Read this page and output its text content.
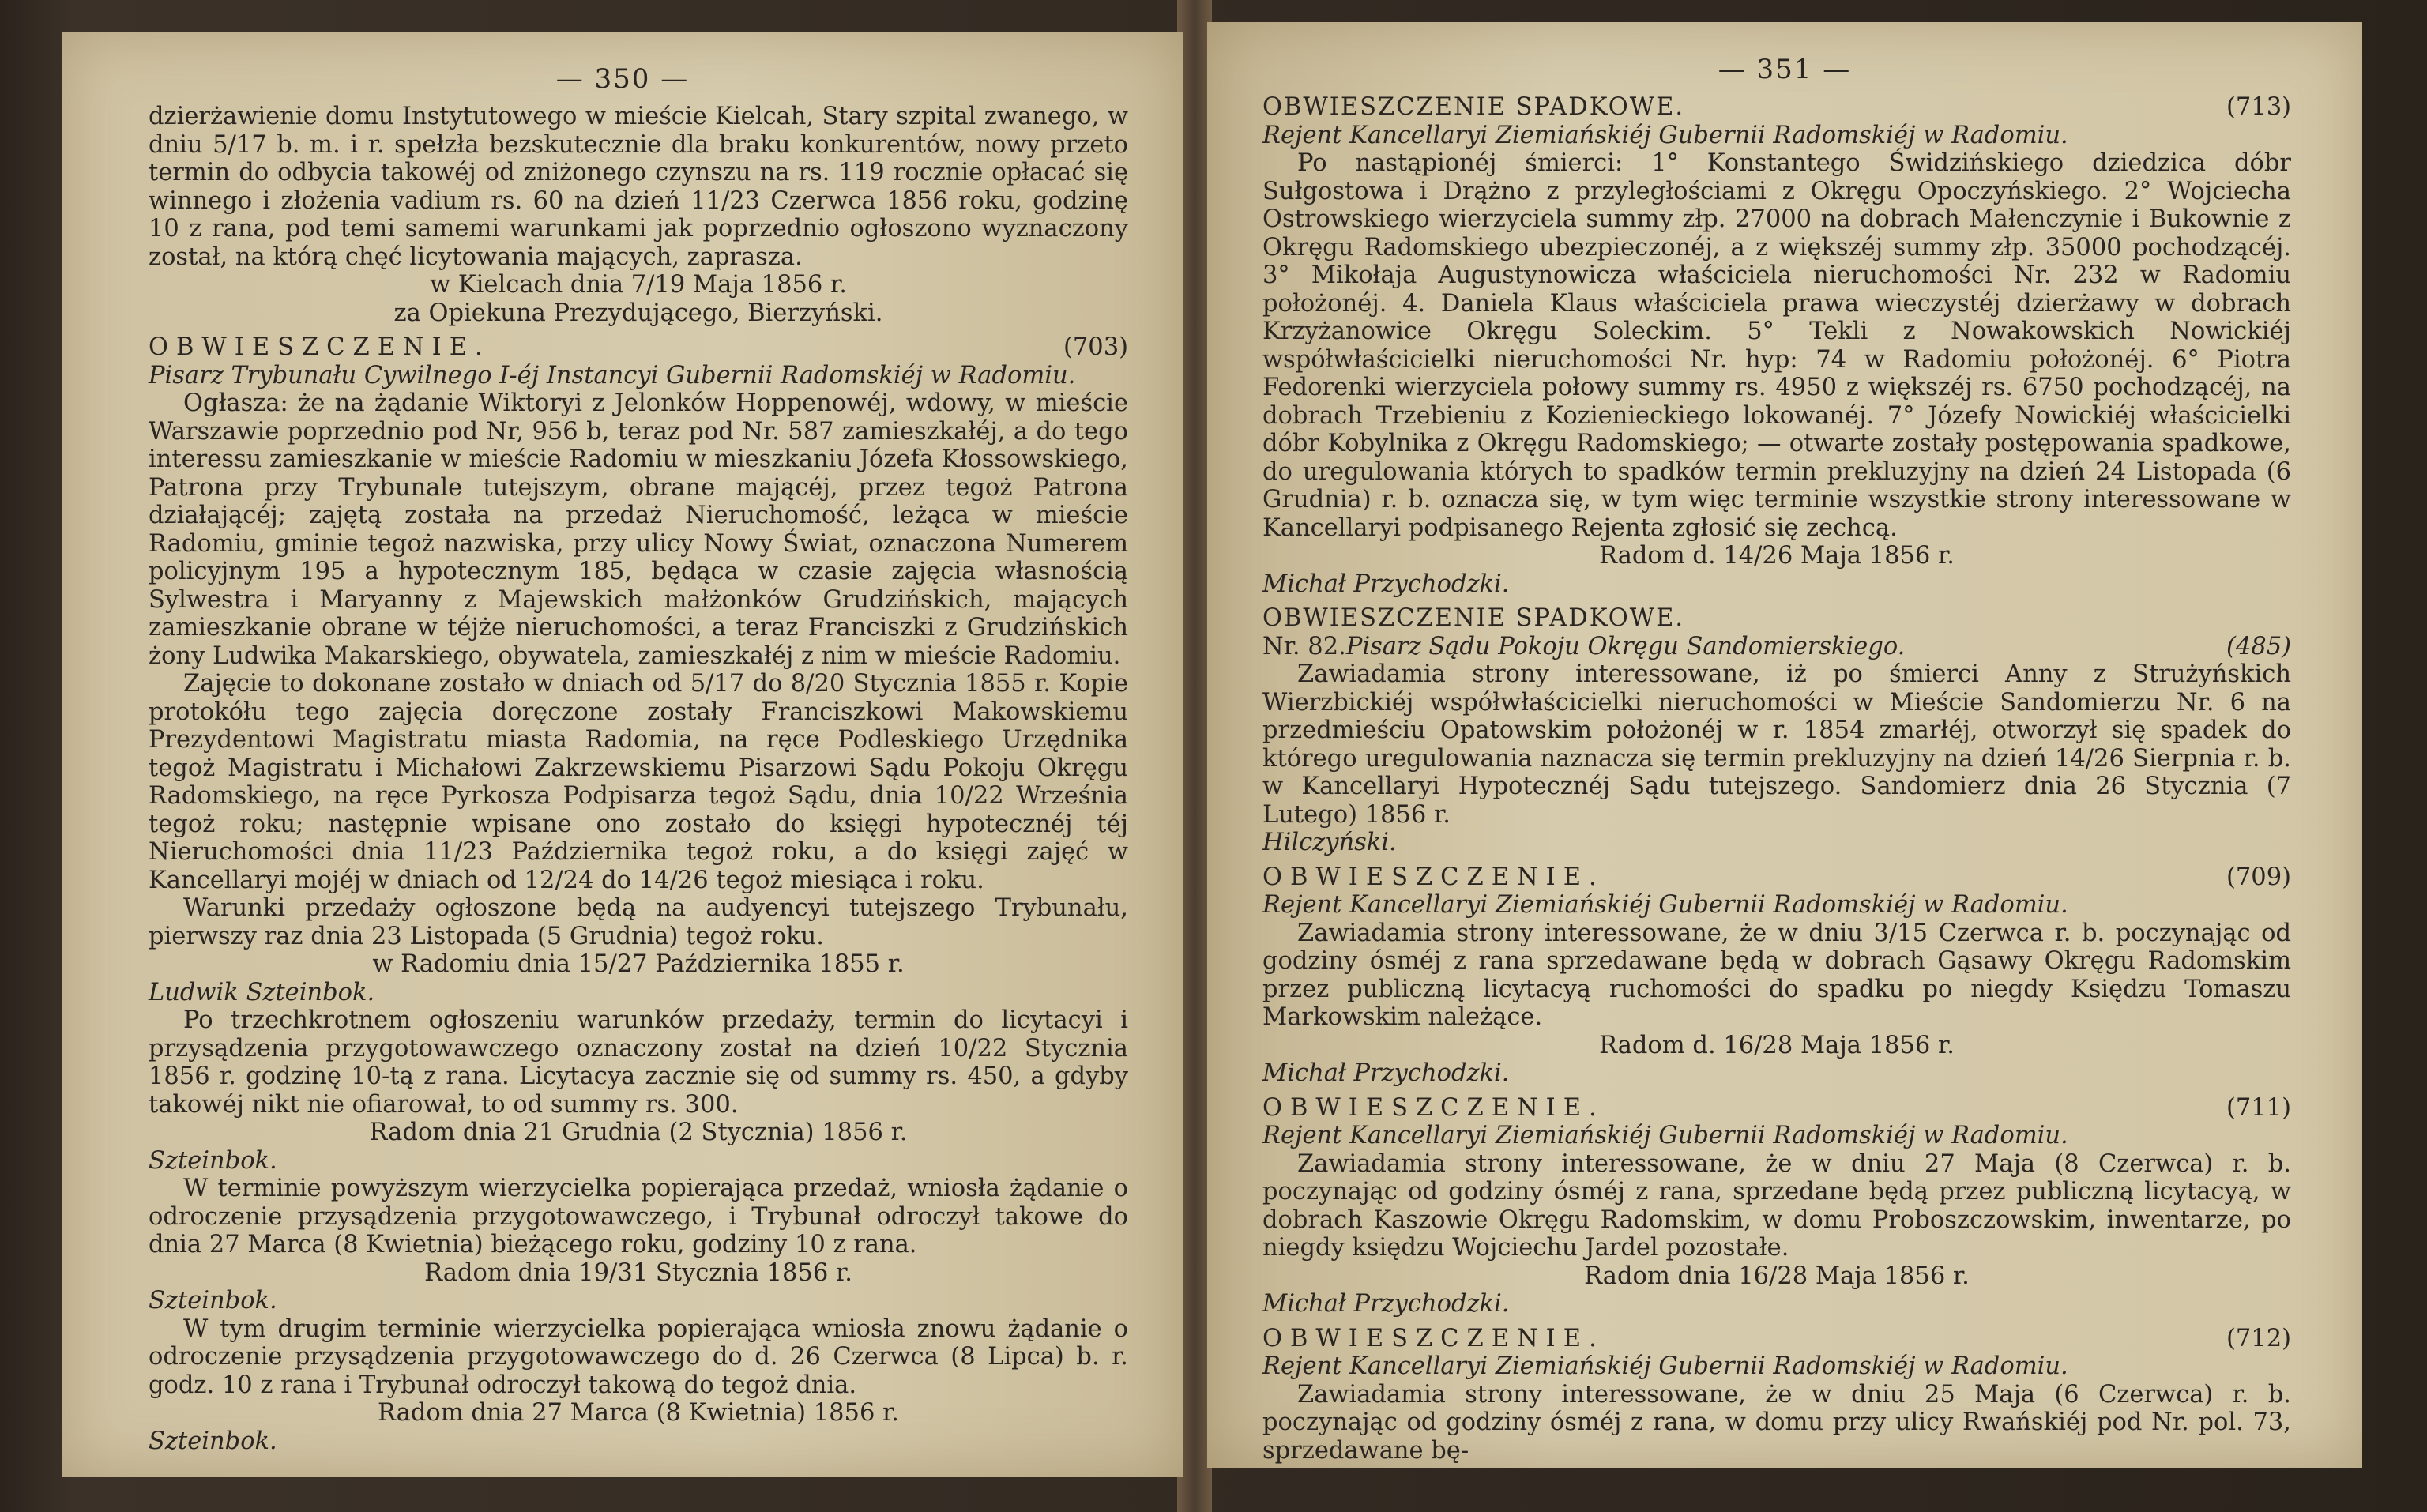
— 350 —

dzierżawienie domu Instytutowego w mieście Kielcah, Stary szpital zwanego, w dniu 5/17 b. m. i r. spełzła bezskutecznie dla braku konkurentów, nowy przeto termin do odbycia takowéj od zniżonego czynszu na rs. 119 rocznie opłacać się winnego i złożenia vadium rs. 60 na dzień 11/23 Czerwca 1856 roku, godzinę 10 z rana, pod temi samemi warunkami jak poprzednio ogłoszono wyznaczony został, na którą chęć licytowania mających, zaprasza.

w Kielcach dnia 7/19 Maja 1856 r.

za Opiekuna Prezydującego, Bierzyński.

(703)
OBWIESZCZENIE.

Pisarz Trybunału Cywilnego I-éj Instancyi Gubernii Radomskiéj w Radomiu.

Ogłasza: że na żądanie Wiktoryi z Jelonków Hoppenowéj, wdowy, w mieście Warszawie poprzednio pod Nr, 956 b, teraz pod Nr. 587 zamieszkałéj, a do tego interessu zamieszkanie w mieście Radomiu w mieszkaniu Józefa Kłossowskiego, Patrona przy Trybunale tutejszym, obrane mającéj, przez tegoż Patrona działającéj; zajętą została na przedaż Nieruchomość, leżąca w mieście Radomiu, gminie tegoż nazwiska, przy ulicy Nowy Świat, oznaczona Numerem policyjnym 195 a hypotecznym 185, będąca w czasie zajęcia własnością Sylwestra i Maryanny z Majewskich małżonków Grudzińskich, mających zamieszkanie obrane w téjże nieruchomości, a teraz Franciszki z Grudzińskich żony Ludwika Makarskiego, obywatela, zamieszkałéj z nim w mieście Radomiu.

Zajęcie to dokonane zostało w dniach od 5/17 do 8/20 Stycznia 1855 r. Kopie protokółu tego zajęcia doręczone zostały Franciszkowi Makowskiemu Prezydentowi Magistratu miasta Radomia, na ręce Podleskiego Urzędnika tegoż Magistratu i Michałowi Zakrzewskiemu Pisarzowi Sądu Pokoju Okręgu Radomskiego, na ręce Pyrkosza Podpisarza tegoż Sądu, dnia 10/22 Września tegoż roku; następnie wpisane ono zostało do księgi hypotecznéj téj Nieruchomości dnia 11/23 Października tegoż roku, a do księgi zajęć w Kancellaryi mojéj w dniach od 12/24 do 14/26 tegoż miesiąca i roku.

Warunki przedaży ogłoszone będą na audyencyi tutejszego Trybunału, pierwszy raz dnia 23 Listopada (5 Grudnia) tegoż roku.

w Radomiu dnia 15/27 Października 1855 r.

Ludwik Szteinbok.

Po trzechkrotnem ogłoszeniu warunków przedaży, termin do licytacyi i przysądzenia przygotowawczego oznaczony został na dzień 10/22 Stycznia 1856 r. godzinę 10-tą z rana. Licytacya zacznie się od summy rs. 450, a gdyby takowéj nikt nie ofiarował, to od summy rs. 300.

Radom dnia 21 Grudnia (2 Stycznia) 1856 r.

Szteinbok.

W terminie powyższym wierzycielka popierająca przedaż, wniosła żądanie o odroczenie przysądzenia przygotowawczego, i Trybunał odroczył takowe do dnia 27 Marca (8 Kwietnia) bieżącego roku, godziny 10 z rana.

Radom dnia 19/31 Stycznia 1856 r.

Szteinbok.

W tym drugim terminie wierzycielka popierająca wniosła znowu żądanie o odroczenie przysądzenia przygotowawczego do d. 26 Czerwca (8 Lipca) b. r. godz. 10 z rana i Trybunał odroczył takową do tegoż dnia.

Radom dnia 27 Marca (8 Kwietnia) 1856 r.

Szteinbok.

— 351 —

(713)
OBWIESZCZENIE SPADKOWE.

Rejent Kancellaryi Ziemiańskiéj Gubernii Radomskiéj w Radomiu.

Po nastąpionéj śmierci: 1° Konstantego Świdzińskiego dziedzica dóbr Sułgostowa i Drążno z przyległościami z Okręgu Opoczyńskiego. 2° Wojciecha Ostrowskiego wierzyciela summy złp. 27000 na dobrach Małenczynie i Bukownie z Okręgu Radomskiego ubezpieczonéj, a z większéj summy złp. 35000 pochodzącéj. 3° Mikołaja Augustynowicza właściciela nieruchomości Nr. 232 w Radomiu położonéj. 4. Daniela Klaus właściciela prawa wieczystéj dzierżawy w dobrach Krzyżanowice Okręgu Soleckim. 5° Tekli z Nowakowskich Nowickiéj współwłaścicielki nieruchomości Nr. hyp: 74 w Radomiu położonéj. 6° Piotra Fedorenki wierzyciela połowy summy rs. 4950 z większéj rs. 6750 pochodzącéj, na dobrach Trzebieniu z Kozienieckiego lokowanéj. 7° Józefy Nowickiéj właścicielki dóbr Kobylnika z Okręgu Radomskiego; — otwarte zostały postępowania spadkowe, do uregulowania których to spadków termin prekluzyjny na dzień 24 Listopada (6 Grudnia) r. b. oznacza się, w tym więc terminie wszystkie strony interessowane w Kancellaryi podpisanego Rejenta zgłosić się zechcą.

Radom d. 14/26 Maja 1856 r.

Michał Przychodzki.

OBWIESZCZENIE SPADKOWE.

Nr. 82.	(485)
Pisarz Sądu Pokoju Okręgu Sandomierskiego.

Zawiadamia strony interessowane, iż po śmierci Anny z Strużyńskich Wierzbickiéj współwłaścicielki nieruchomości w Mieście Sandomierzu Nr. 6 na przedmieściu Opatowskim położonéj w r. 1854 zmarłéj, otworzył się spadek do którego uregulowania naznacza się termin prekluzyjny na dzień 14/26 Sierpnia r. b. w Kancellaryi Hypotecznéj Sądu tutejszego. Sandomierz dnia 26 Stycznia (7 Lutego) 1856 r.

Hilczyński.

(709)
OBWIESZCZENIE.

Rejent Kancellaryi Ziemiańskiéj Gubernii Radomskiéj w Radomiu.

Zawiadamia strony interessowane, że w dniu 3/15 Czerwca r. b. poczynając od godziny ósméj z rana sprzedawane będą w dobrach Gąsawy Okręgu Radomskim przez publiczną licytacyą ruchomości do spadku po niegdy Księdzu Tomaszu Markowskim należące.

Radom d. 16/28 Maja 1856 r.

Michał Przychodzki.

(711)
OBWIESZCZENIE.

Rejent Kancellaryi Ziemiańskiéj Gubernii Radomskiéj w Radomiu.

Zawiadamia strony interessowane, że w dniu 27 Maja (8 Czerwca) r. b. poczynając od godziny ósméj z rana, sprzedane będą przez publiczną licytacyą, w dobrach Kaszowie Okręgu Radomskim, w domu Proboszczowskim, inwentarze, po niegdy księdzu Wojciechu Jardel pozostałe.

Radom dnia 16/28 Maja 1856 r.

Michał Przychodzki.

(712)
OBWIESZCZENIE.

Rejent Kancellaryi Ziemiańskiéj Gubernii Radomskiéj w Radomiu.

Zawiadamia strony interessowane, że w dniu 25 Maja (6 Czerwca) r. b. poczynając od godziny ósméj z rana, w domu przy ulicy Rwańskiéj pod Nr. pol. 73, sprzedawane bę-
